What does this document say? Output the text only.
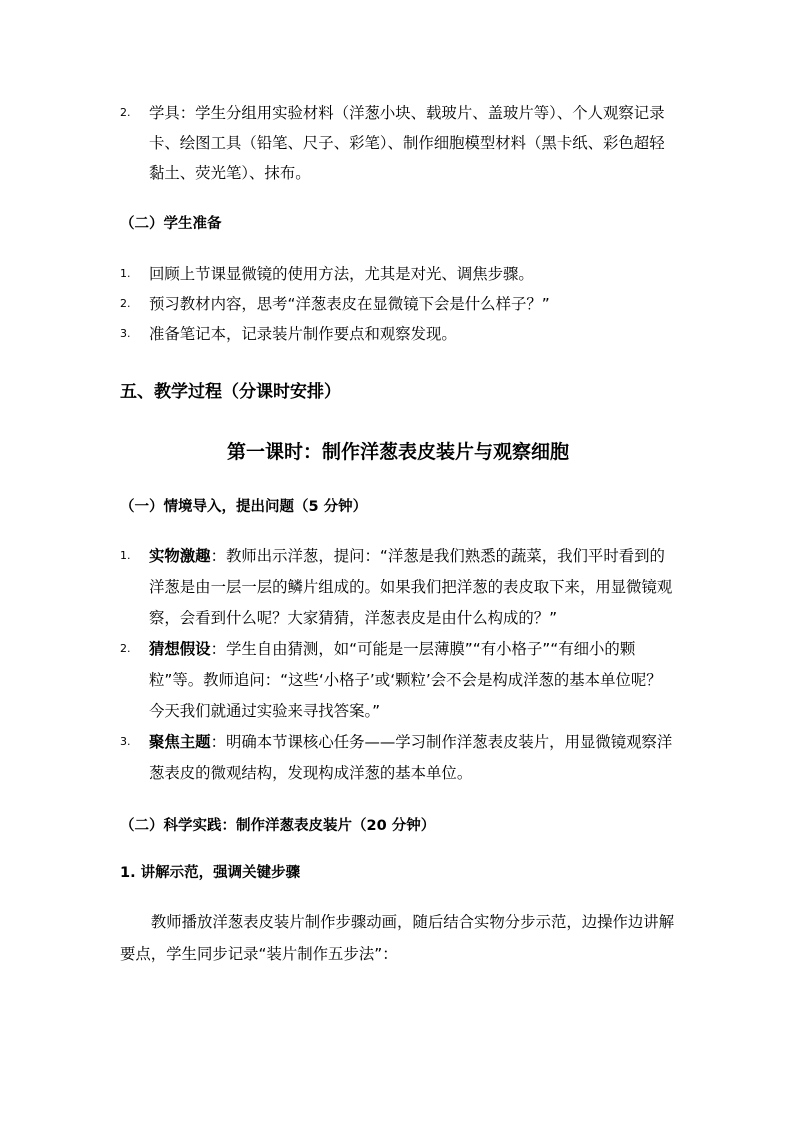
2. 学具：学生分组用实验材料（洋葱小块、载玻片、盖玻片等）、个人观察记录卡、绘图工具（铅笔、尺子、彩笔）、制作细胞模型材料（黑卡纸、彩色超轻黏土、荧光笔）、抹布。
（二）学生准备
1. 回顾上节课显微镜的使用方法，尤其是对光、调焦步骤。
2. 预习教材内容，思考“洋葱表皮在显微镜下会是什么样子？”
3. 准备笔记本，记录装片制作要点和观察发现。
五、教学过程（分课时安排）
第一课时：制作洋葱表皮装片与观察细胞
（一）情境导入，提出问题（5 分钟）
1. 实物激趣：教师出示洋葱，提问：“洋葱是我们熟悉的蔬菜，我们平时看到的洋葱是由一层一层的鳞片组成的。如果我们把洋葱的表皮取下来，用显微镜观察，会看到什么呢？大家猜猜，洋葱表皮是由什么构成的？”
2. 猜想假设：学生自由猜测，如“可能是一层薄膜”“有小格子”“有细小的颗粒”等。教师追问：“这些‘小格子’或‘颗粒’会不会是构成洋葱的基本单位呢？今天我们就通过实验来寻找答案。”
3. 聚焦主题：明确本节课核心任务——学习制作洋葱表皮装片，用显微镜观察洋葱表皮的微观结构，发现构成洋葱的基本单位。
（二）科学实践：制作洋葱表皮装片（20 分钟）
1. 讲解示范，强调关键步骤
教师播放洋葱表皮装片制作步骤动画，随后结合实物分步示范，边操作边讲解要点，学生同步记录“装片制作五步法”：
